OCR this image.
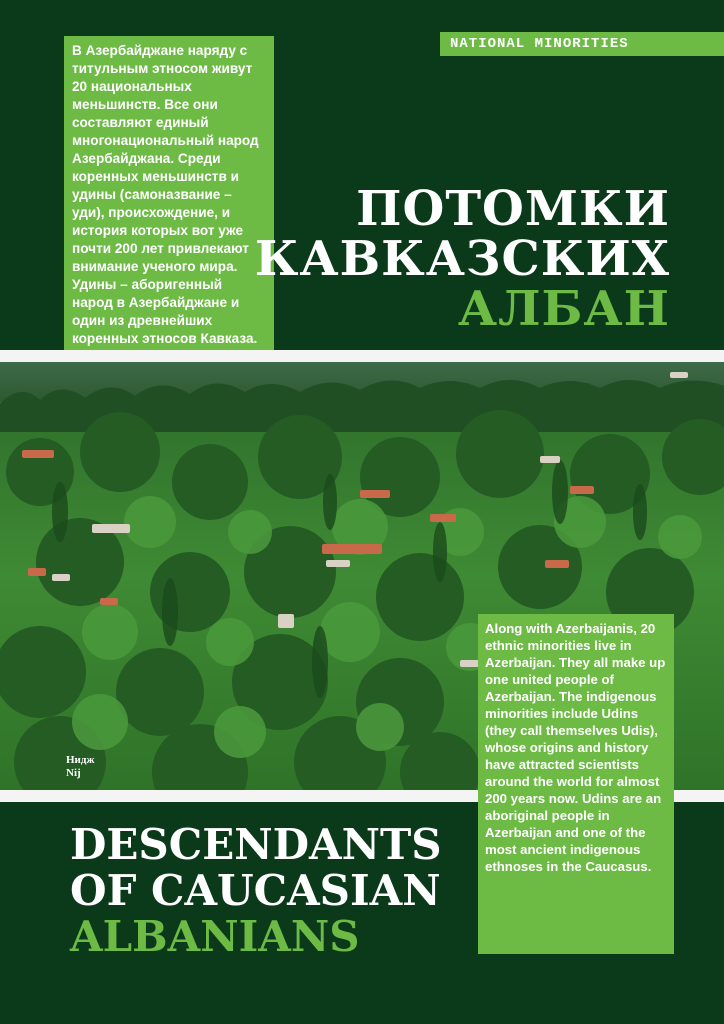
NATIONAL MINORITIES
В Азербайджане наряду с титульным этносом живут 20 национальных меньшинств. Все они составляют единый многонациональный народ Азербайджана. Среди коренных меньшинств и удины (самоназвание – уди), происхождение, и история которых вот уже почти 200 лет привлекают внимание ученого мира. Удины – аборигенный народ в Азербайджане и один из древнейших коренных этносов Кавказа.
ПОТОМКИ
КАВКАЗСКИХ
АЛБАН
Нидж
Nij
DESCENDANTS
OF CAUCASIAN
ALBANIANS
Along with Azerbaijanis, 20 ethnic minorities live in Azerbaijan. They all make up one united people of Azerbaijan. The indigenous minorities include Udins (they call themselves Udis), whose origins and history have attracted scientists around the world for almost 200 years now. Udins are an aboriginal people in Azerbaijan and one of the most ancient indigenous ethnoses in the Caucasus.
